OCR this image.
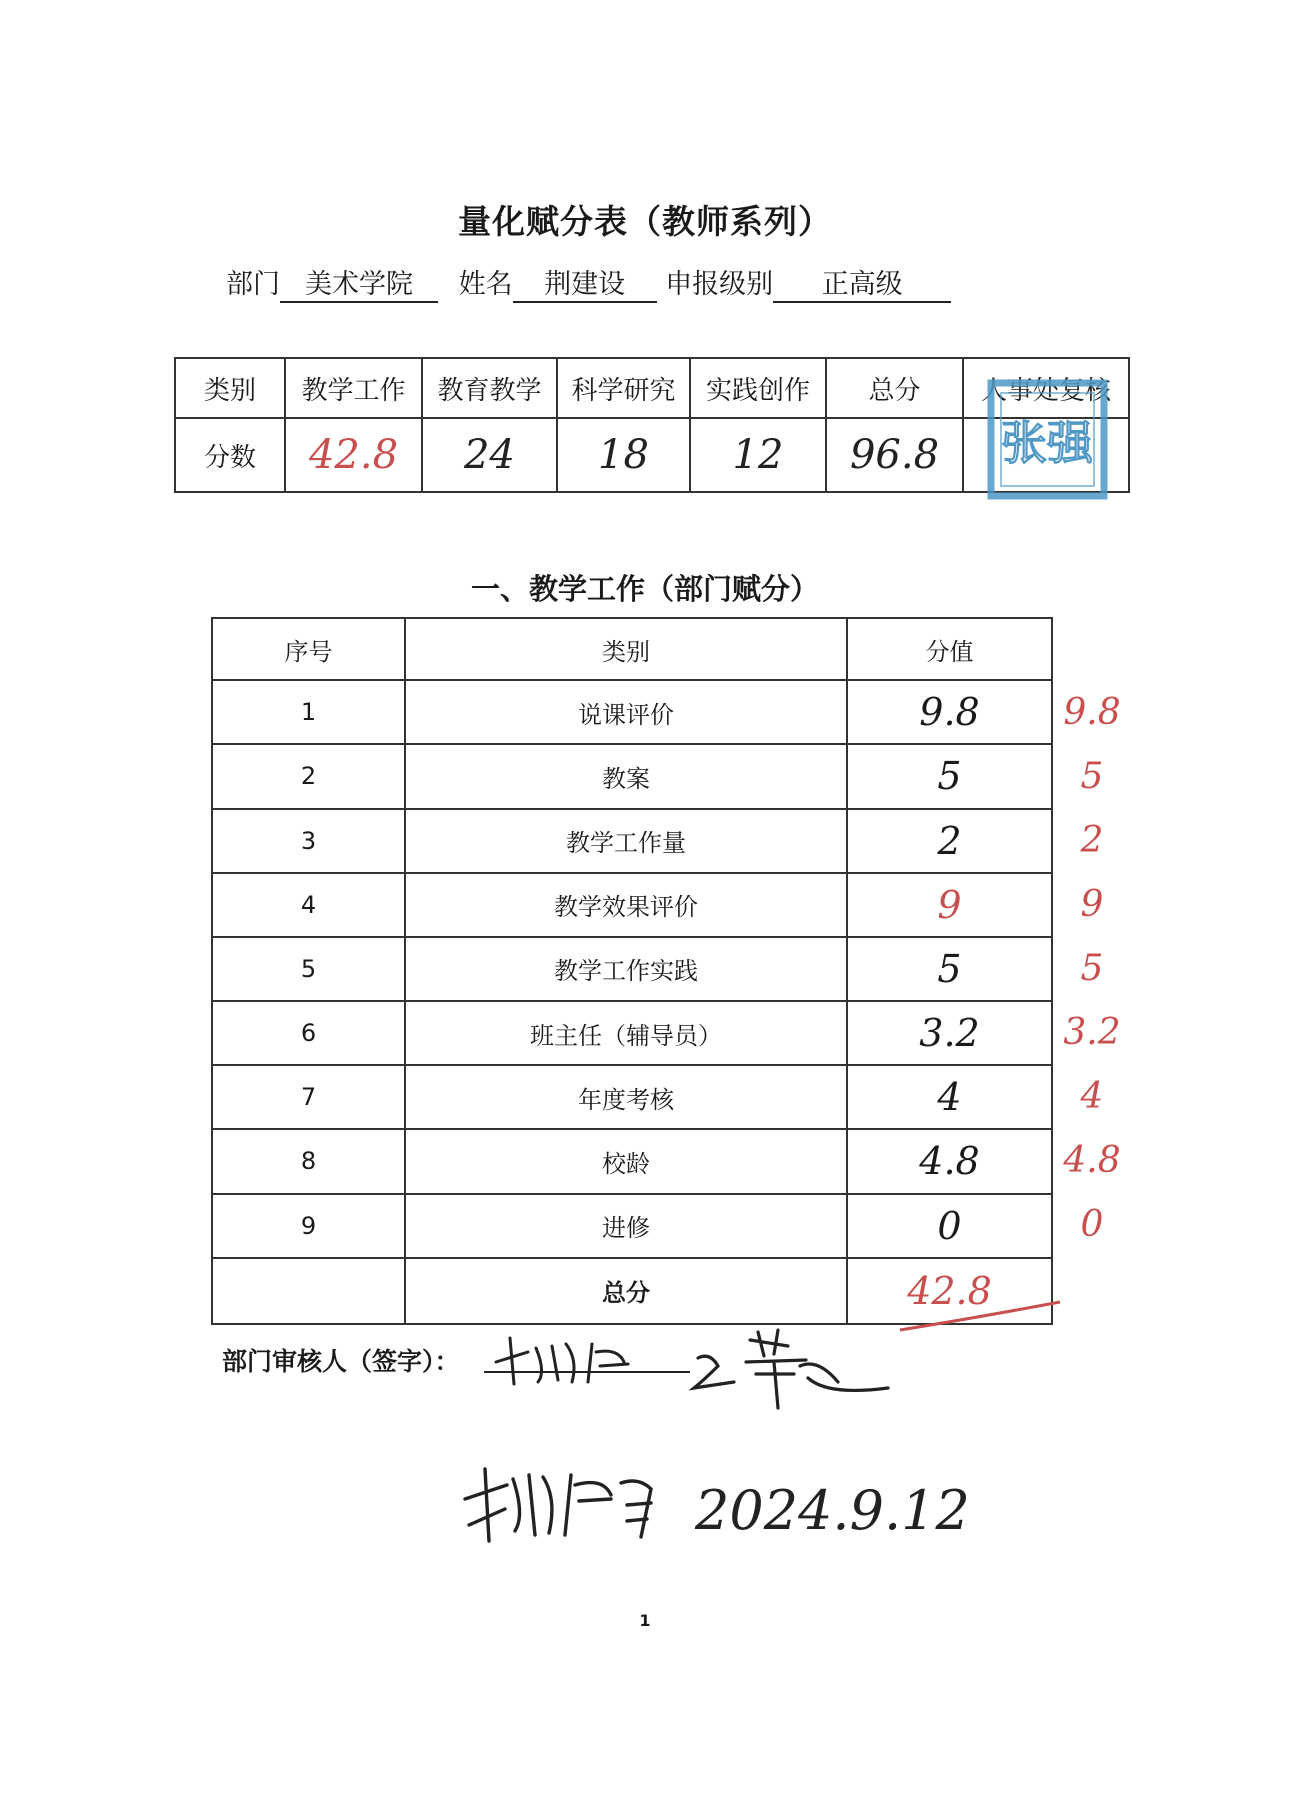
量化赋分表（教师系列）
部门 美术学院 姓名 荆建设 申报级别 正高级
类别	教学工作	教育教学	科学研究	实践创作	总分	人事处复核
分数	42.8	24	18	12	96.8	张强
一、教学工作（部门赋分）
序号	类别	分值
1	说课评价	9.8
2	教案	5
3	教学工作量	2
4	教学效果评价	9
5	教学工作实践	5
6	班主任（辅导员）	3.2
7	年度考核	4
8	校龄	4.8
9	进修	0
	总分	42.8
9.8
5
2
9
5
3.2
4
4.8
0
部门审核人（签字）：
2024.9.12
1
